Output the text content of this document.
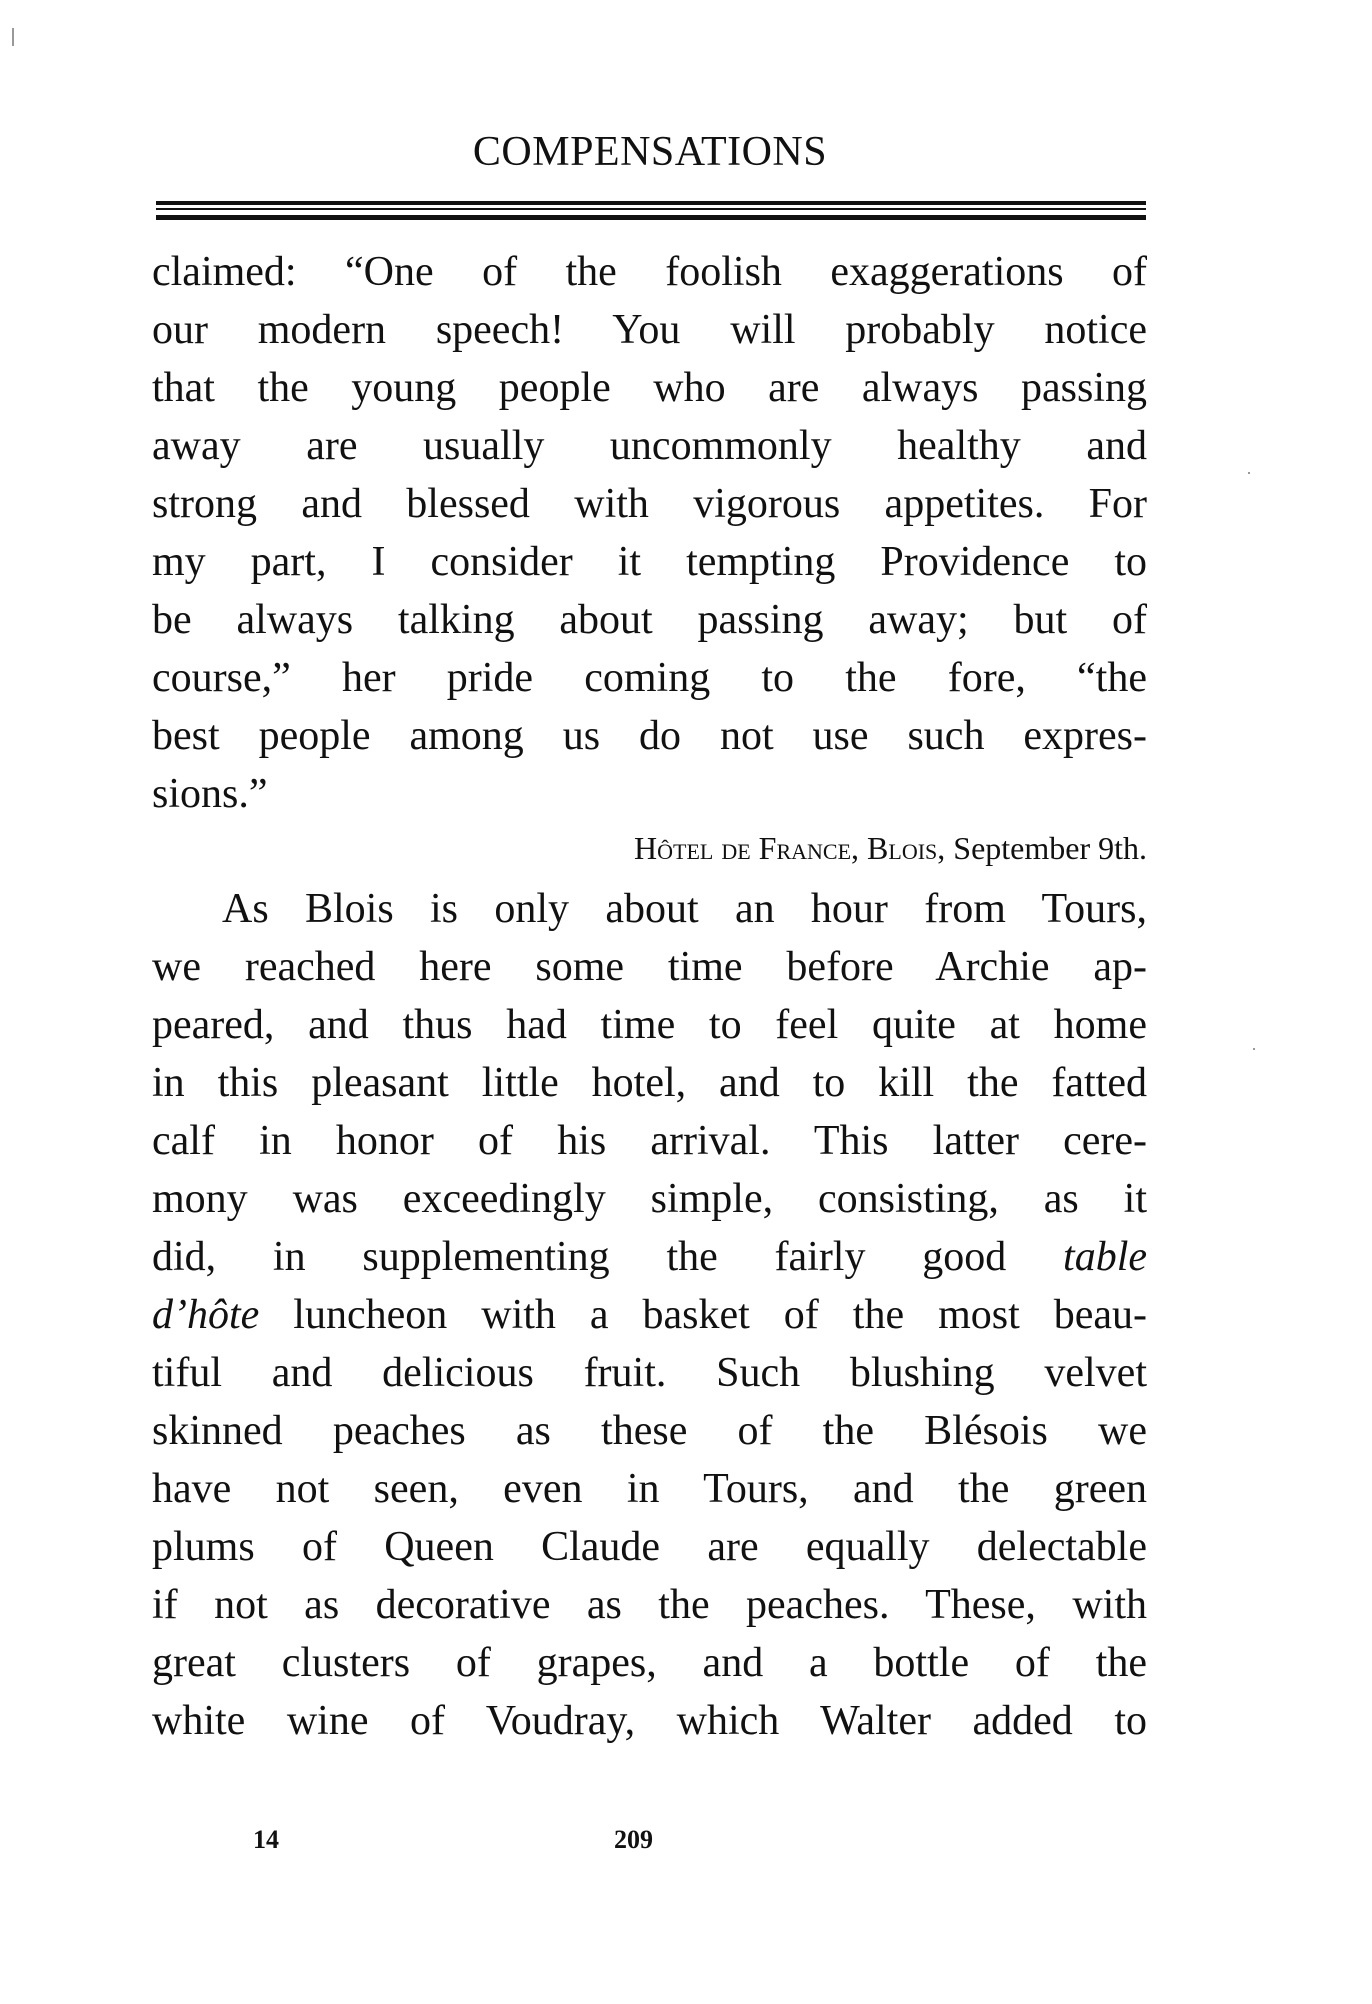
COMPENSATIONS
claimed: “One of the foolish exaggerations of
our modern speech! You will probably notice
that the young people who are always passing
away are usually uncommonly healthy and
strong and blessed with vigorous appetites. For
my part, I consider it tempting Providence to
be always talking about passing away; but of
course,” her pride coming to the fore, “the
best people among us do not use such expres-
sions.”
Hôtel de France, Blois, September 9th.
As Blois is only about an hour from Tours,
we reached here some time before Archie ap-
peared, and thus had time to feel quite at home
in this pleasant little hotel, and to kill the fatted
calf in honor of his arrival. This latter cere-
mony was exceedingly simple, consisting, as it
did, in supplementing the fairly good table
d’hôte luncheon with a basket of the most beau-
tiful and delicious fruit. Such blushing velvet
skinned peaches as these of the Blésois we
have not seen, even in Tours, and the green
plums of Queen Claude are equally delectable
if not as decorative as the peaches. These, with
great clusters of grapes, and a bottle of the
white wine of Voudray, which Walter added to
14	209
